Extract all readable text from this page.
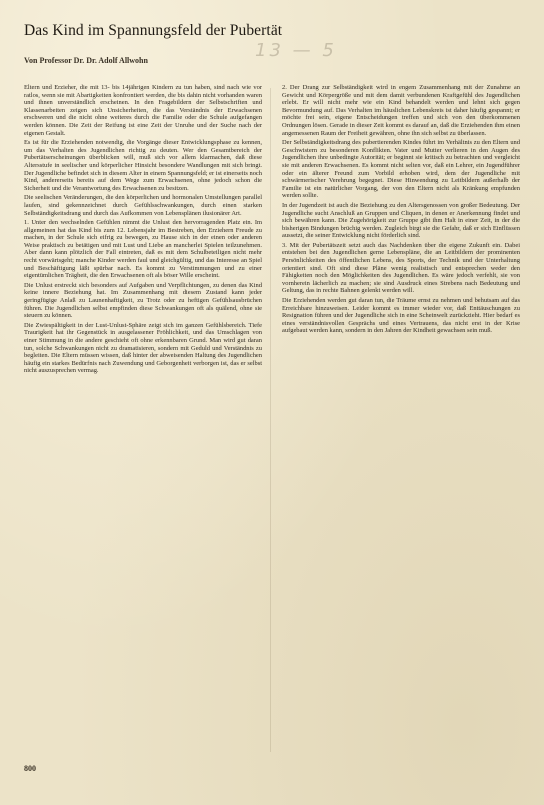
Das Kind im Spannungsfeld der Pubertät
13 — 5
Von Professor Dr. Dr. Adolf Allwohn

Eltern und Erzieher, die mit 13- bis 14jährigen Kindern zu tun haben, sind nach wie vor ratlos, wenn sie mit Abartigkeiten konfrontiert werden, die bis dahin nicht vorhanden waren und ihnen unverständlich erscheinen. In den Fragebildern der Selbstschriften und Klassenarbeiten zeigen sich Unsicherheiten, die das Verständnis der Erwachsenen erschweren und die nicht ohne weiteres durch die Familie oder die Schule aufgefangen werden können. Die Zeit der Reifung ist eine Zeit der Unruhe und der Suche nach der eigenen Gestalt.

Es ist für die Erziehenden notwendig, die Vorgänge dieser Entwicklungsphase zu kennen, um das Verhalten des Jugendlichen richtig zu deuten. Wer den Gesamtbereich der Pubertätserscheinungen überblicken will, muß sich vor allem klarmachen, daß diese Altersstufe in seelischer und körperlicher Hinsicht besondere Wandlungen mit sich bringt. Der Jugendliche befindet sich in diesem Alter in einem Spannungsfeld; er ist einerseits noch Kind, andererseits bereits auf dem Wege zum Erwachsenen, ohne jedoch schon die Sicherheit und die Verantwortung des Erwachsenen zu besitzen.

Die seelischen Veränderungen, die den körperlichen und hormonalen Umstellungen parallel laufen, sind gekennzeichnet durch Gefühlsschwankungen, durch einen starken Selbständigkeitsdrang und durch das Aufkommen von Lebensplänen ilusionärer Art.

1. Unter den wechselnden Gefühlen nimmt die Unlust den hervorragenden Platz ein. Im allgemeinen hat das Kind bis zum 12. Lebensjahr im Bestreben, den Erziehern Freude zu machen, in der Schule sich eifrig zu bewegen, zu Hause sich in der einen oder anderen Weise praktisch zu betätigen und mit Lust und Liebe an mancherlei Spielen teilzunehmen. Aber dann kann plötzlich der Fall eintreten, daß es mit dem Schulbeteiligen nicht mehr recht vorwärtsgeht; manche Kinder werden faul und gleichgültig, und das Interesse an Spiel und Beschäftigung läßt spürbar nach. Es kommt zu Verstimmungen und zu einer eigentümlichen Trägheit, die den Erwachsenen oft als böser Wille erscheint.

Die Unlust erstreckt sich besonders auf Aufgaben und Verpflichtungen, zu denen das Kind keine innere Beziehung hat. Im Zusammenhang mit diesem Zustand kann jeder geringfügige Anlaß zu Launenhaftigkeit, zu Trotz oder zu heftigen Gefühlsausbrüchen führen. Die Jugendlichen selbst empfinden diese Schwankungen oft als quälend, ohne sie steuern zu können.

Die Zwiespältigkeit in der Lust-Unlust-Sphäre zeigt sich im ganzen Gefühlsbereich. Tiefe Traurigkeit hat ihr Gegenstück in ausgelassener Fröhlichkeit, und das Umschlagen von einer Stimmung in die andere geschieht oft ohne erkennbaren Grund. Man wird gut daran tun, solche Schwankungen nicht zu dramatisieren, sondern mit Geduld und Verständnis zu begleiten. Die Eltern müssen wissen, daß hinter der abweisenden Haltung des Jugendlichen häufig ein starkes Bedürfnis nach Zuwendung und Geborgenheit verborgen ist, das er selbst nicht auszusprechen vermag.

2. Der Drang zur Selbständigkeit wird in engem Zusammenhang mit der Zunahme an Gewicht und Körpergröße und mit dem damit verbundenen Kraftgefühl des Jugendlichen erlebt. Er will nicht mehr wie ein Kind behandelt werden und lehnt sich gegen Bevormundung auf. Das Verhalten im häuslichen Lebenskreis ist daher häufig gespannt; er möchte frei sein, eigene Entscheidungen treffen und sich von den überkommenen Ordnungen lösen. Gerade in dieser Zeit kommt es darauf an, daß die Erziehenden ihm einen angemessenen Raum der Freiheit gewähren, ohne ihn sich selbst zu überlassen.

Der Selbständigkeitsdrang des pubertierenden Kindes führt im Verhältnis zu den Eltern und Geschwistern zu besonderen Konflikten. Vater und Mutter verlieren in den Augen des Jugendlichen ihre unbedingte Autorität; er beginnt sie kritisch zu betrachten und vergleicht sie mit anderen Erwachsenen. Es kommt nicht selten vor, daß ein Lehrer, ein Jugendführer oder ein älterer Freund zum Vorbild erhoben wird, dem der Jugendliche mit schwärmerischer Verehrung begegnet. Diese Hinwendung zu Leitbildern außerhalb der Familie ist ein natürlicher Vorgang, der von den Eltern nicht als Kränkung empfunden werden sollte.

In der Jugendzeit ist auch die Beziehung zu den Altersgenossen von großer Bedeutung. Der Jugendliche sucht Anschluß an Gruppen und Cliquen, in denen er Anerkennung findet und sich bewähren kann. Die Zugehörigkeit zur Gruppe gibt ihm Halt in einer Zeit, in der die bisherigen Bindungen brüchig werden. Zugleich birgt sie die Gefahr, daß er sich Einflüssen aussetzt, die seiner Entwicklung nicht förderlich sind.

3. Mit der Pubertätszeit setzt auch das Nachdenken über die eigene Zukunft ein. Dabei entstehen bei den Jugendlichen gerne Lebenspläne, die an Leitbildern der prominenten Persönlichkeiten des öffentlichen Lebens, des Sports, der Technik und der Unterhaltung orientiert sind. Oft sind diese Pläne wenig realistisch und entsprechen weder den Fähigkeiten noch den Möglichkeiten des Jugendlichen. Es wäre jedoch verfehlt, sie von vornherein lächerlich zu machen; sie sind Ausdruck eines Strebens nach Bedeutung und Geltung, das in rechte Bahnen gelenkt werden will.

Die Erziehenden werden gut daran tun, die Träume ernst zu nehmen und behutsam auf das Erreichbare hinzuweisen. Leider kommt es immer wieder vor, daß Enttäuschungen zu Resignation führen und der Jugendliche sich in eine Scheinwelt zurückzieht. Hier bedarf es eines verständnisvollen Gesprächs und eines Vertrauens, das nicht erst in der Krise aufgebaut werden kann, sondern in den Jahren der Kindheit gewachsen sein muß.

800
